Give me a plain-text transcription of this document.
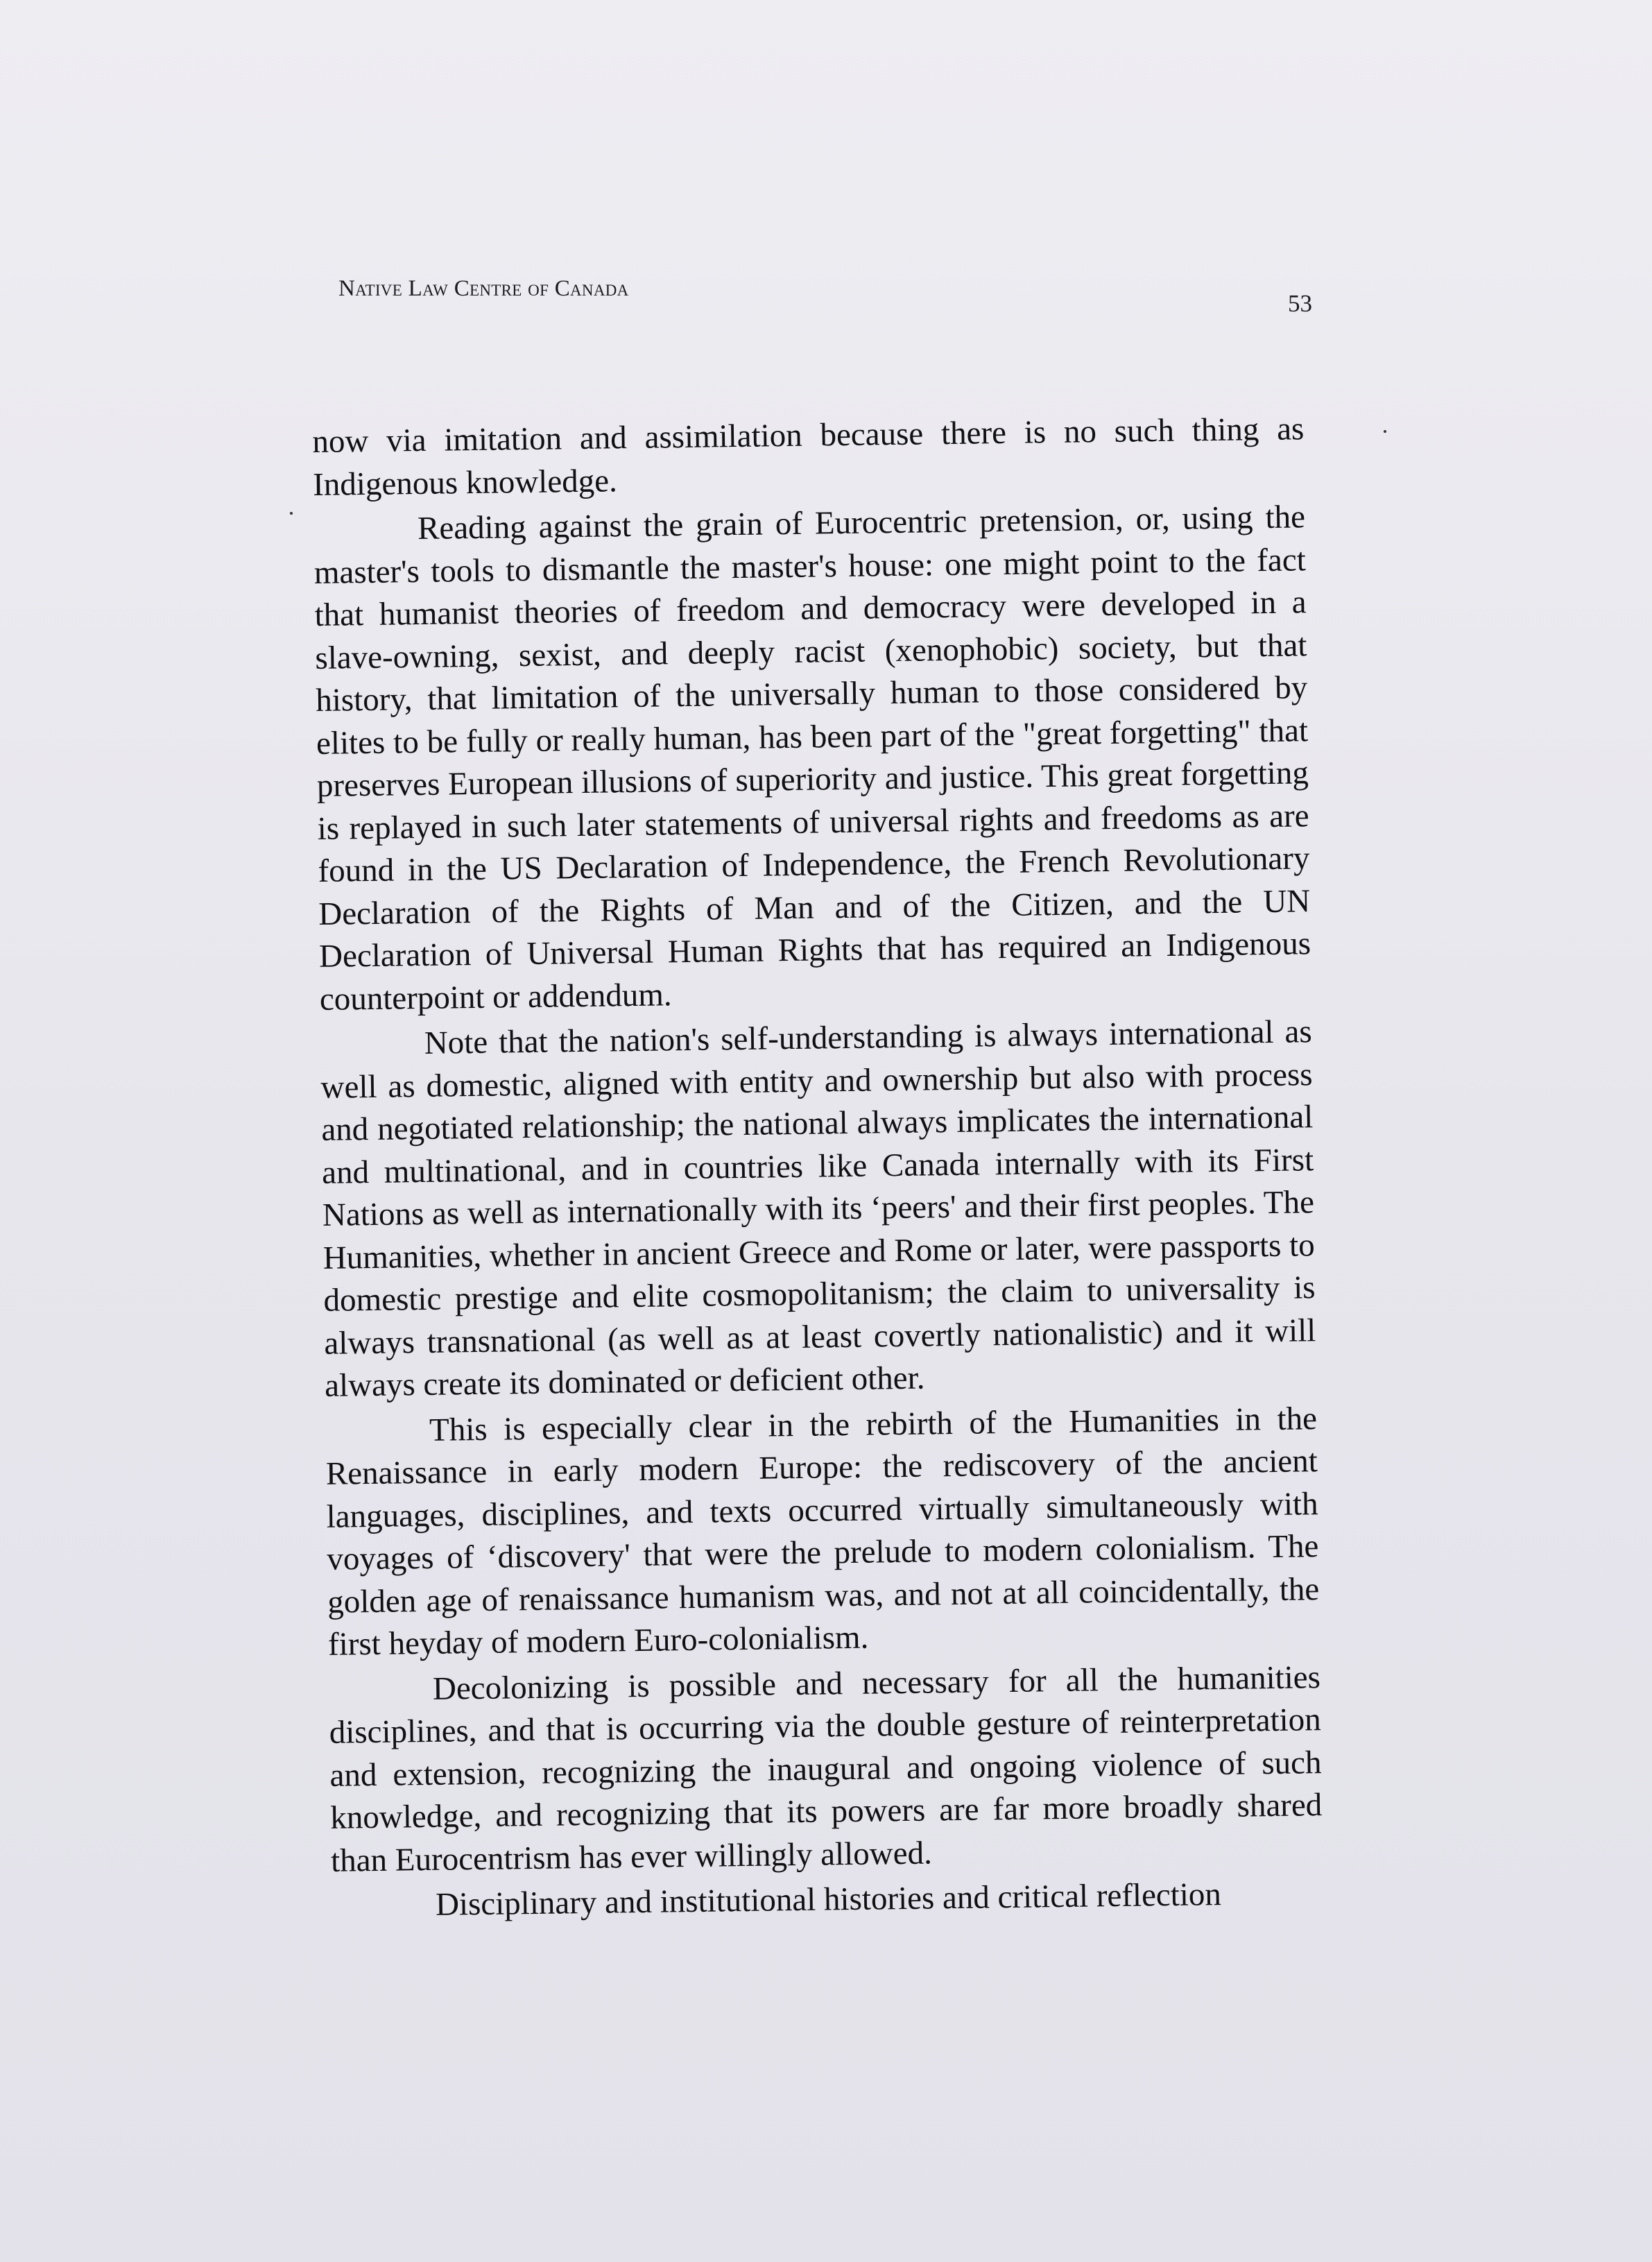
Native Law Centre of Canada
53

now via imitation and assimilation because there is no such thing as Indigenous knowledge.

Reading against the grain of Eurocentric pretension, or, using the master's tools to dismantle the master's house: one might point to the fact that humanist theories of freedom and democracy were developed in a slave-owning, sexist, and deeply racist (xenophobic) society, but that history, that limitation of the universally human to those considered by elites to be fully or really human, has been part of the "great forgetting" that preserves European illusions of superiority and justice. This great forgetting is replayed in such later statements of universal rights and freedoms as are found in the US Declaration of Independence, the French Revolutionary Declaration of the Rights of Man and of the Citizen, and the UN Declaration of Universal Human Rights that has required an Indigenous counterpoint or addendum.

Note that the nation's self-understanding is always international as well as domestic, aligned with entity and ownership but also with process and negotiated relationship; the national always implicates the international and multinational, and in countries like Canada internally with its First Nations as well as internationally with its ‘peers' and their first peoples. The Humanities, whether in ancient Greece and Rome or later, were passports to domestic prestige and elite cosmopolitanism; the claim to universality is always transnational (as well as at least covertly nationalistic) and it will always create its dominated or deficient other.

This is especially clear in the rebirth of the Humanities in the Renaissance in early modern Europe: the rediscovery of the ancient languages, disciplines, and texts occurred virtually simultaneously with voyages of ‘discovery' that were the prelude to modern colonialism. The golden age of renaissance humanism was, and not at all coincidentally, the first heyday of modern Euro-colonialism.

Decolonizing is possible and necessary for all the humanities disciplines, and that is occurring via the double gesture of reinterpretation and extension, recognizing the inaugural and ongoing violence of such knowledge, and recognizing that its powers are far more broadly shared than Eurocentrism has ever willingly allowed.

Disciplinary and institutional histories and critical reflection
